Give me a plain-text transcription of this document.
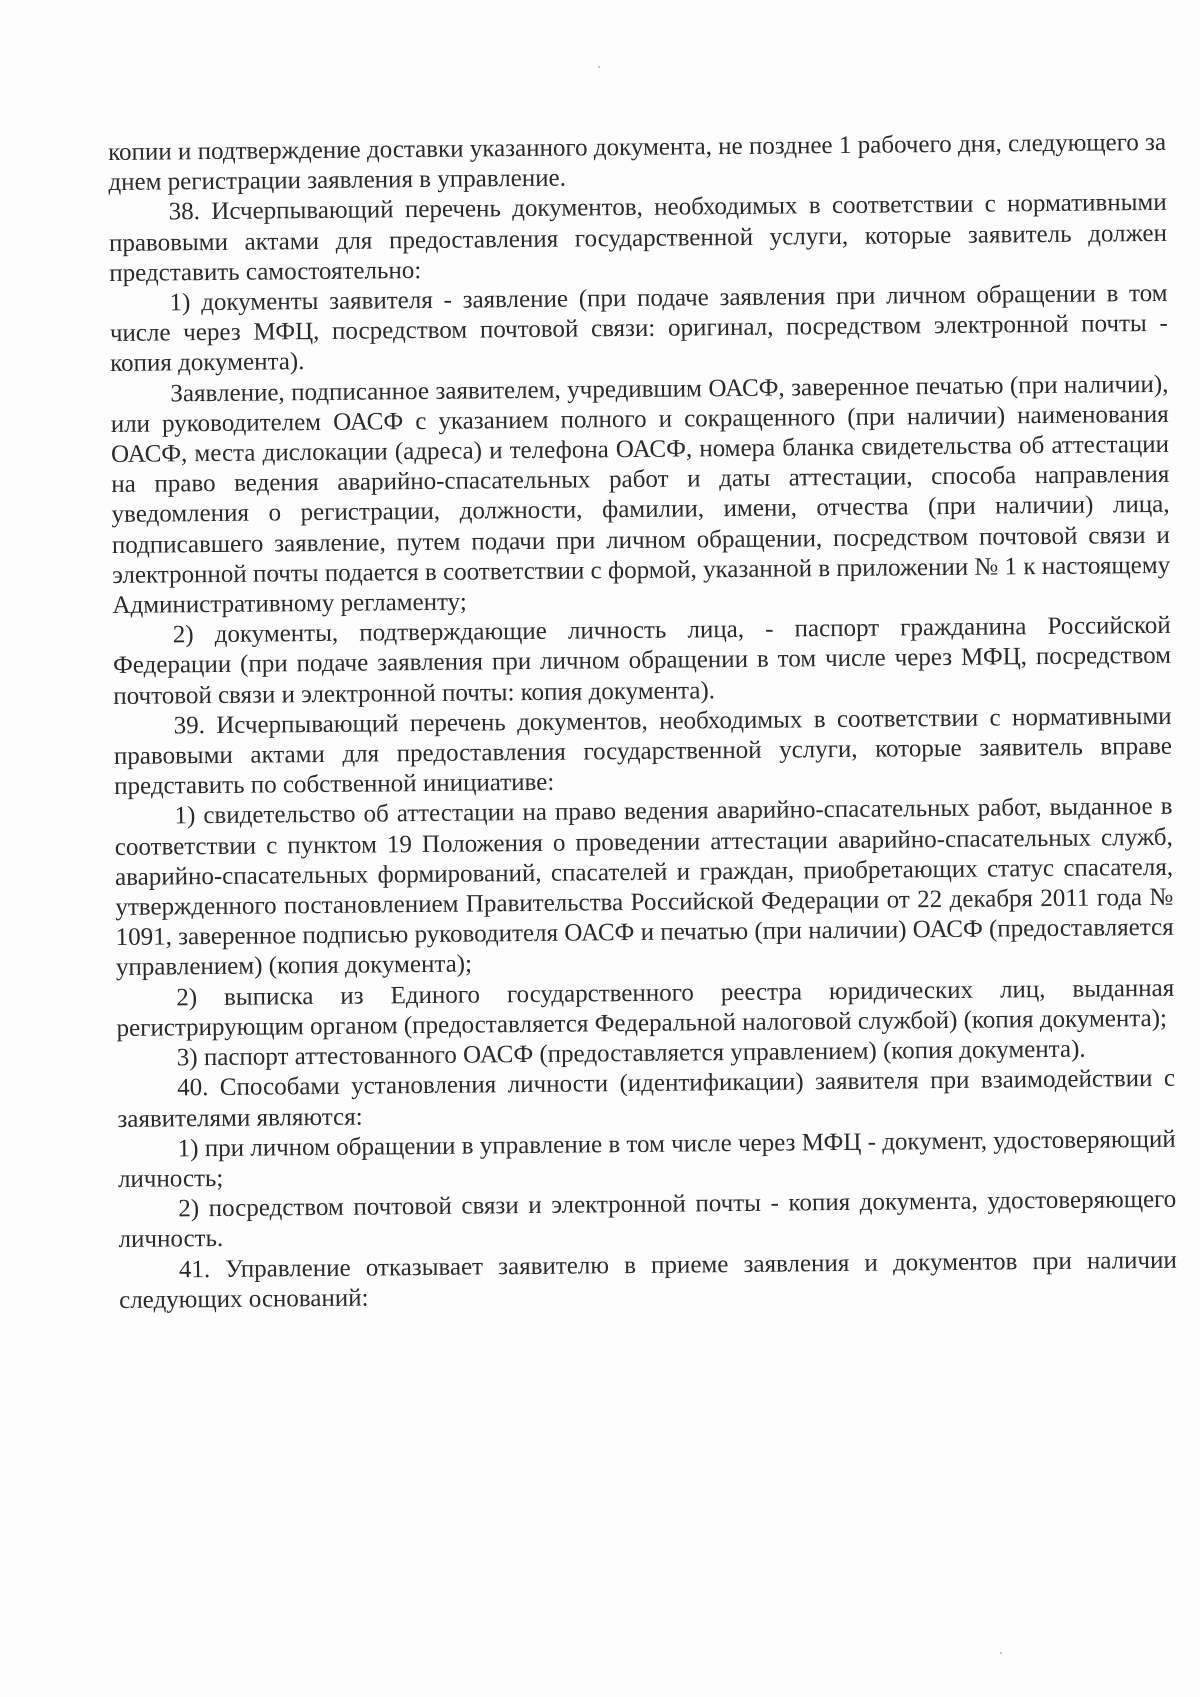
копии и подтверждение доставки указанного документа, не позднее 1 рабочего дня, следующего за днем регистрации заявления в управление.

38. Исчерпывающий перечень документов, необходимых в соответствии с нормативными правовыми актами для предоставления государственной услуги, которые заявитель должен представить самостоятельно:

1) документы заявителя - заявление (при подаче заявления при личном обращении в том числе через МФЦ, посредством почтовой связи: оригинал, посредством электронной почты - копия документа).

Заявление, подписанное заявителем, учредившим ОАСФ, заверенное печатью (при наличии), или руководителем ОАСФ с указанием полного и сокращенного (при наличии) наименования ОАСФ, места дислокации (адреса) и телефона ОАСФ, номера бланка свидетельства об аттестации на право ведения аварийно-спасательных работ и даты аттестации, способа направления уведомления о регистрации, должности, фамилии, имени, отчества (при наличии) лица, подписавшего заявление, путем подачи при личном обращении, посредством почтовой связи и электронной почты подается в соответствии с формой, указанной в приложении № 1 к настоящему Административному регламенту;

2) документы, подтверждающие личность лица, - паспорт гражданина Российской Федерации (при подаче заявления при личном обращении в том числе через МФЦ, посредством почтовой связи и электронной почты: копия документа).

39. Исчерпывающий перечень документов, необходимых в соответствии с нормативными правовыми актами для предоставления государственной услуги, которые заявитель вправе представить по собственной инициативе:

1) свидетельство об аттестации на право ведения аварийно-спасательных работ, выданное в соответствии с пунктом 19 Положения о проведении аттестации аварийно-спасательных служб, аварийно-спасательных формирований, спасателей и граждан, приобретающих статус спасателя, утвержденного постановлением Правительства Российской Федерации от 22 декабря 2011 года № 1091, заверенное подписью руководителя ОАСФ и печатью (при наличии) ОАСФ (предоставляется управлением) (копия документа);

2) выписка из Единого государственного реестра юридических лиц, выданная регистрирующим органом (предоставляется Федеральной налоговой службой) (копия документа);

3) паспорт аттестованного ОАСФ (предоставляется управлением) (копия документа).

40. Способами установления личности (идентификации) заявителя при взаимодействии с заявителями являются:

1) при личном обращении в управление в том числе через МФЦ - документ, удостоверяющий личность;

2) посредством почтовой связи и электронной почты - копия документа, удостоверяющего личность.

41. Управление отказывает заявителю в приеме заявления и документов при наличии следующих оснований:
